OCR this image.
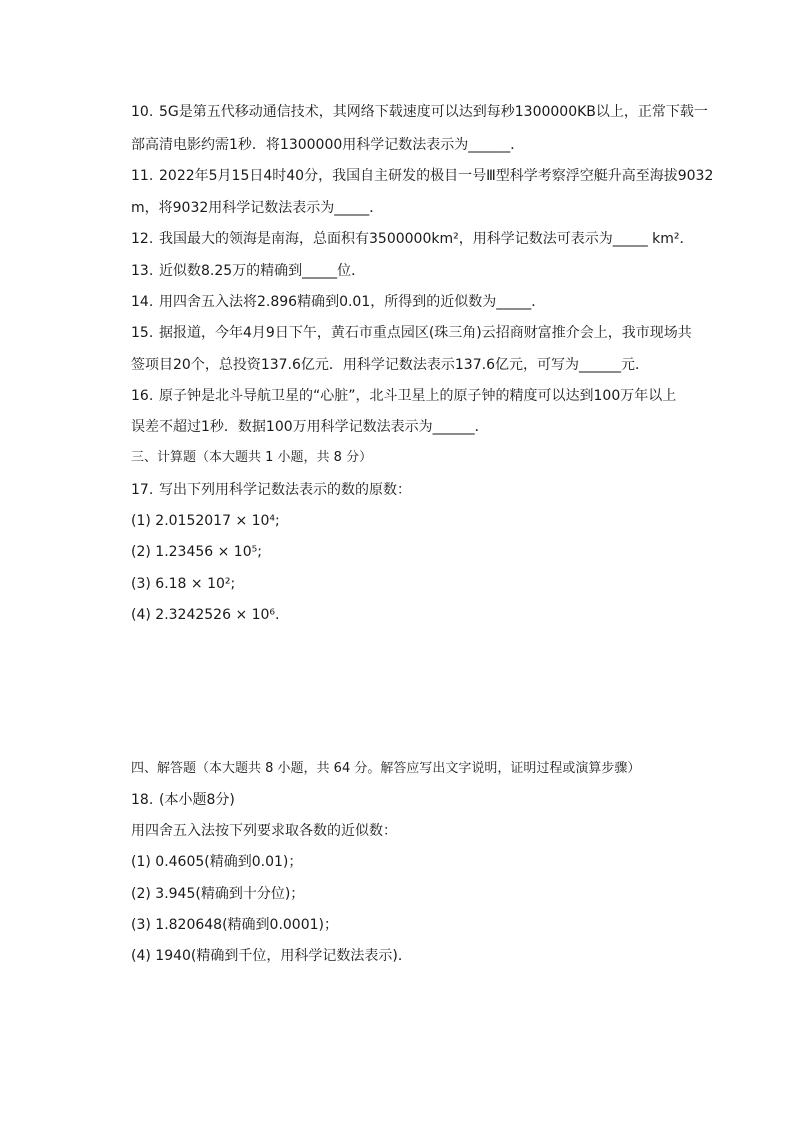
10. 5G是第五代移动通信技术，其网络下载速度可以达到每秒1300000KB以上，正常下载一
部高清电影约需1秒．将1300000用科学记数法表示为______．
11. 2022年5月15日4时40分，我国自主研发的极目一号Ⅲ型科学考察浮空艇升高至海拔9032
m，将9032用科学记数法表示为_____．
12. 我国最大的领海是南海，总面积有3500000km²，用科学记数法可表示为_____ km²．
13. 近似数8.25万的精确到_____位．
14. 用四舍五入法将2.896精确到0.01，所得到的近似数为_____．
15. 据报道，今年4月9日下午，黄石市重点园区(珠三角)云招商财富推介会上，我市现场共
签项目20个，总投资137.6亿元．用科学记数法表示137.6亿元，可写为______元．
16. 原子钟是北斗导航卫星的“心脏”，北斗卫星上的原子钟的精度可以达到100万年以上
误差不超过1秒．数据100万用科学记数法表示为______．
三、计算题（本大题共 1 小题，共 8 分）
17. 写出下列用科学记数法表示的数的原数：
(1) 2.0152017 × 10⁴;
(2) 1.23456 × 10⁵;
(3) 6.18 × 10²;
(4) 2.3242526 × 10⁶.
四、解答题（本大题共 8 小题，共 64 分。解答应写出文字说明，证明过程或演算步骤）
18. (本小题8分)
用四舍五入法按下列要求取各数的近似数：
(1) 0.4605(精确到0.01)；
(2) 3.945(精确到十分位)；
(3) 1.820648(精确到0.0001)；
(4) 1940(精确到千位，用科学记数法表示)．
